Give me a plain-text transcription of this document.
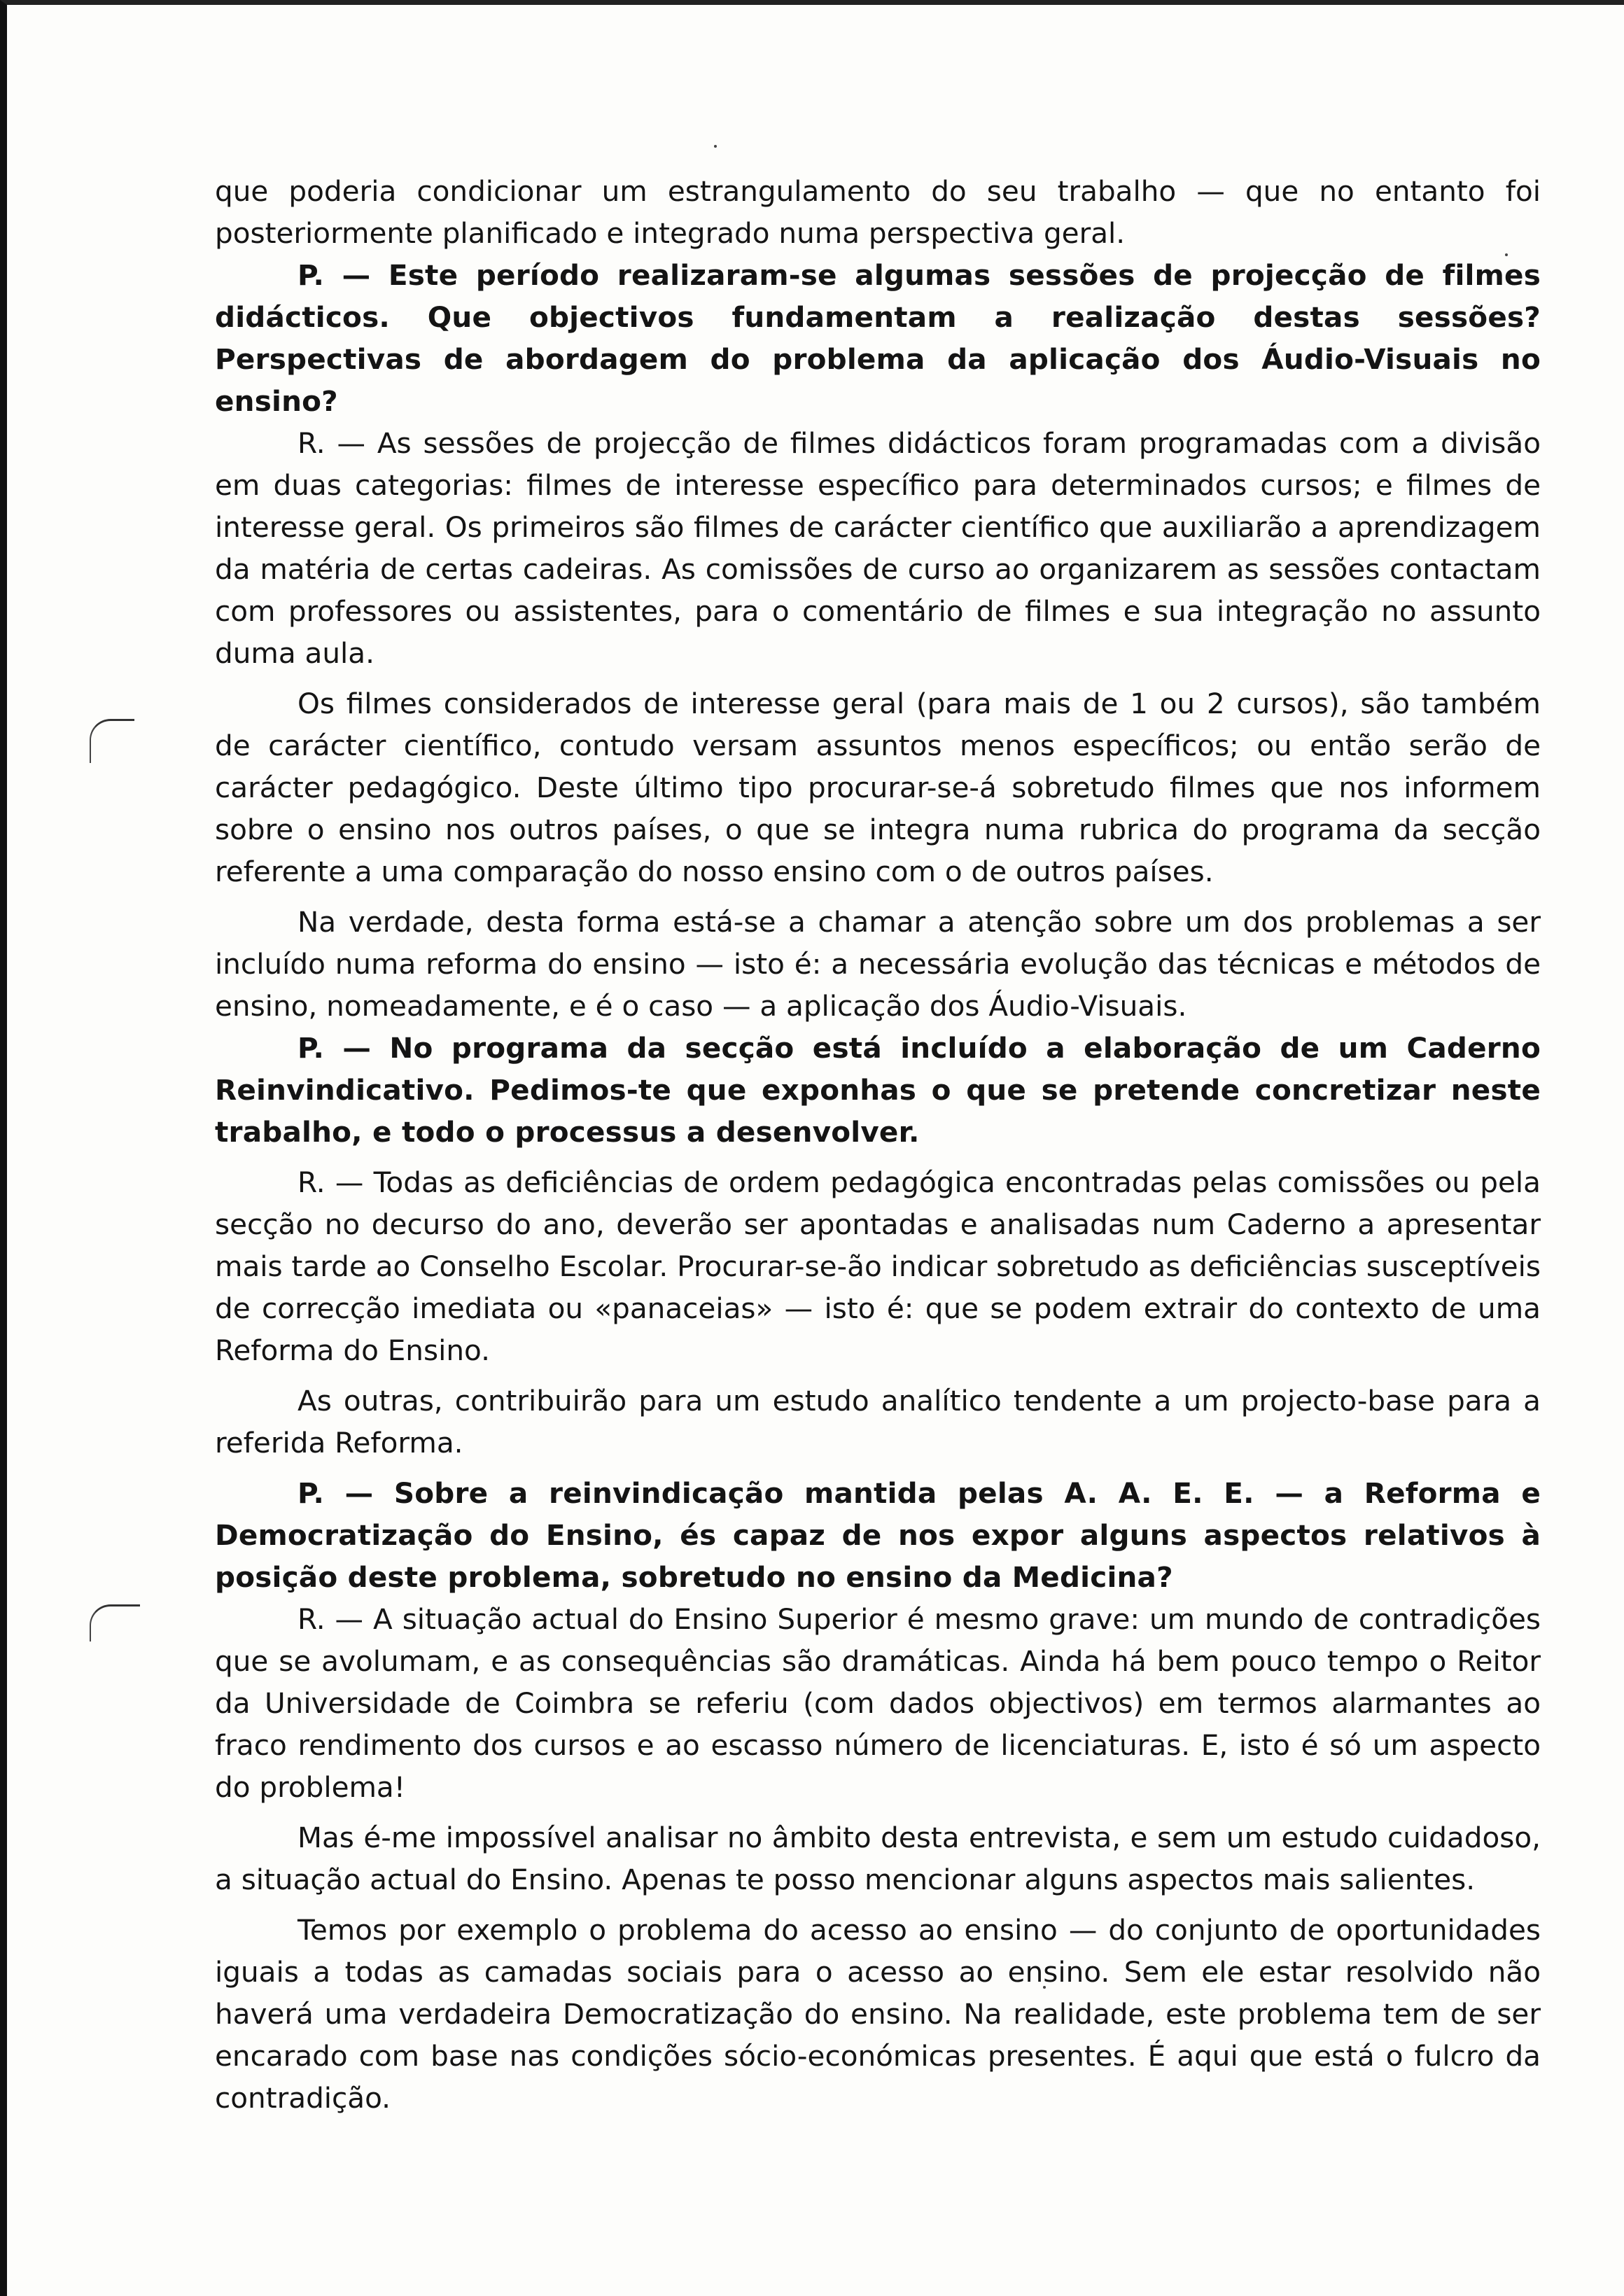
que poderia condicionar um estrangulamento do seu trabalho — que no entanto foi posteriormente planificado e integrado numa perspectiva geral.

P. — Este período realizaram-se algumas sessões de projecção de filmes didácticos. Que objectivos fundamentam a realização destas sessões? Perspectivas de abordagem do problema da aplicação dos Áudio-Visuais no ensino?

R. — As sessões de projecção de filmes didácticos foram programadas com a divisão em duas categorias: filmes de interesse específico para determinados cursos; e filmes de interesse geral. Os primeiros são filmes de carácter científico que auxiliarão a aprendizagem da matéria de certas cadeiras. As comissões de curso ao organizarem as sessões contactam com professores ou assistentes, para o comentário de filmes e sua integração no assunto duma aula.

Os filmes considerados de interesse geral (para mais de 1 ou 2 cursos), são também de carácter científico, contudo versam assuntos menos específicos; ou então serão de carácter pedagógico. Deste último tipo procurar-se-á sobretudo filmes que nos informem sobre o ensino nos outros países, o que se integra numa rubrica do programa da secção referente a uma comparação do nosso ensino com o de outros países.

Na verdade, desta forma está-se a chamar a atenção sobre um dos problemas a ser incluído numa reforma do ensino — isto é: a necessária evolução das técnicas e métodos de ensino, nomeadamente, e é o caso — a aplicação dos Áudio-Visuais.

P. — No programa da secção está incluído a elaboração de um Caderno Reinvindicativo. Pedimos-te que exponhas o que se pretende concretizar neste trabalho, e todo o processus a desenvolver.

R. — Todas as deficiências de ordem pedagógica encontradas pelas comissões ou pela secção no decurso do ano, deverão ser apontadas e analisadas num Caderno a apresentar mais tarde ao Conselho Escolar. Procurar-se-ão indicar sobretudo as deficiências susceptíveis de correcção imediata ou «panaceias» — isto é: que se podem extrair do contexto de uma Reforma do Ensino.

As outras, contribuirão para um estudo analítico tendente a um projecto-base para a referida Reforma.

P. — Sobre a reinvindicação mantida pelas A. A. E. E. — a Reforma e Democratização do Ensino, és capaz de nos expor alguns aspectos relativos à posição deste problema, sobretudo no ensino da Medicina?

R. — A situação actual do Ensino Superior é mesmo grave: um mundo de contradições que se avolumam, e as consequências são dramáticas. Ainda há bem pouco tempo o Reitor da Universidade de Coimbra se referiu (com dados objectivos) em termos alarmantes ao fraco rendimento dos cursos e ao escasso número de licenciaturas. E, isto é só um aspecto do problema!

Mas é-me impossível analisar no âmbito desta entrevista, e sem um estudo cuidadoso, a situação actual do Ensino. Apenas te posso mencionar alguns aspectos mais salientes.

Temos por exemplo o problema do acesso ao ensino — do conjunto de oportunidades iguais a todas as camadas sociais para o acesso ao ensino. Sem ele estar resolvido não haverá uma verdadeira Democratização do ensino. Na realidade, este problema tem de ser encarado com base nas condições sócio-económicas presentes. É aqui que está o fulcro da contradição.
